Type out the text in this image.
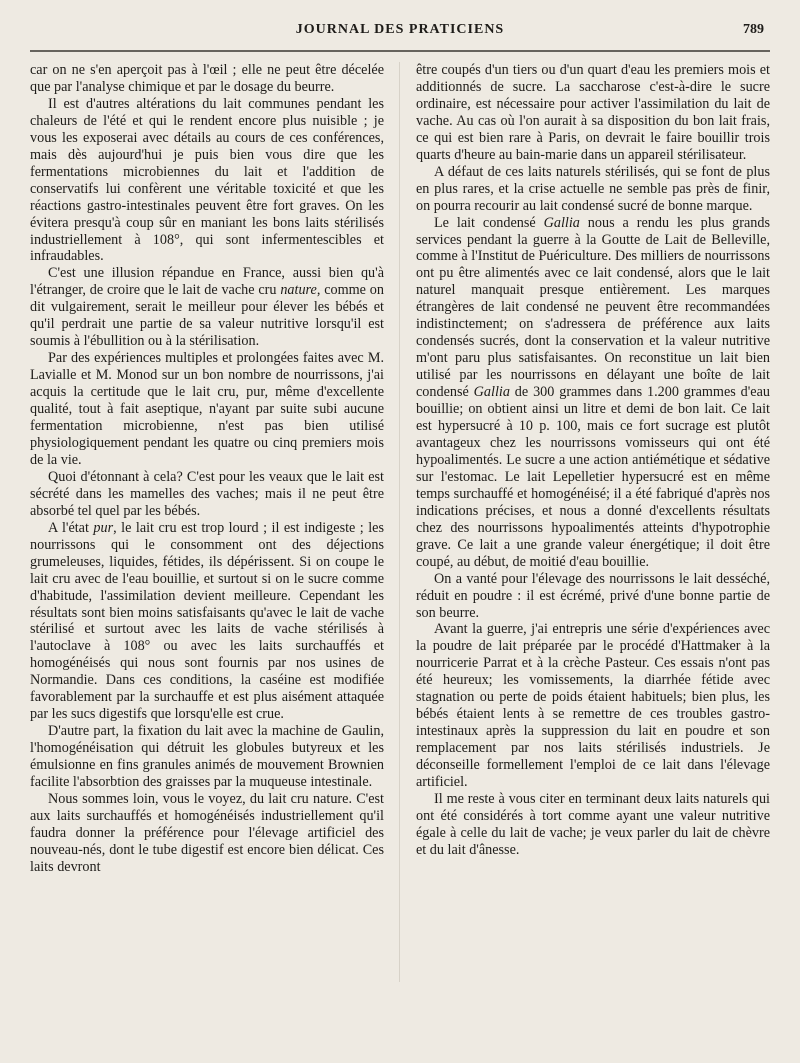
JOURNAL DES PRATICIENS	789

car on ne s'en aperçoit pas à l'œil ; elle ne peut être décelée que par l'analyse chimique et par le dosage du beurre.

Il est d'autres altérations du lait communes pendant les chaleurs de l'été et qui le rendent encore plus nuisible ; je vous les exposerai avec détails au cours de ces conférences, mais dès aujourd'hui je puis bien vous dire que les fermentations microbiennes du lait et l'addition de conservatifs lui confèrent une véritable toxicité et que les réactions gastro-intestinales peuvent être fort graves. On les évitera presqu'à coup sûr en maniant les bons laits stérilisés industriellement à 108°, qui sont infermentescibles et infraudables.

C'est une illusion répandue en France, aussi bien qu'à l'étranger, de croire que le lait de vache cru nature, comme on dit vulgairement, serait le meilleur pour élever les bébés et qu'il perdrait une partie de sa valeur nutritive lorsqu'il est soumis à l'ébullition ou à la stérilisation.

Par des expériences multiples et prolongées faites avec M. Lavialle et M. Monod sur un bon nombre de nourrissons, j'ai acquis la certitude que le lait cru, pur, même d'excellente qualité, tout à fait aseptique, n'ayant par suite subi aucune fermentation microbienne, n'est pas bien utilisé physiologiquement pendant les quatre ou cinq premiers mois de la vie.

Quoi d'étonnant à cela? C'est pour les veaux que le lait est sécrété dans les mamelles des vaches; mais il ne peut être absorbé tel quel par les bébés.

A l'état pur, le lait cru est trop lourd ; il est indigeste ; les nourrissons qui le consomment ont des déjections grumeleuses, liquides, fétides, ils dépérissent. Si on coupe le lait cru avec de l'eau bouillie, et surtout si on le sucre comme d'habitude, l'assimilation devient meilleure. Cependant les résultats sont bien moins satisfaisants qu'avec le lait de vache stérilisé et surtout avec les laits de vache stérilisés à l'autoclave à 108° ou avec les laits surchauffés et homogénéisés qui nous sont fournis par nos usines de Normandie. Dans ces conditions, la caséine est modifiée favorablement par la surchauffe et est plus aisément attaquée par les sucs digestifs que lorsqu'elle est crue.

D'autre part, la fixation du lait avec la machine de Gaulin, l'homogénéisation qui détruit les globules butyreux et les émulsionne en fins granules animés de mouvement Brownien facilite l'absorbtion des graisses par la muqueuse intestinale.

Nous sommes loin, vous le voyez, du lait cru nature. C'est aux laits surchauffés et homogénéisés industriellement qu'il faudra donner la préférence pour l'élevage artificiel des nouveau-nés, dont le tube digestif est encore bien délicat. Ces laits devront

être coupés d'un tiers ou d'un quart d'eau les premiers mois et additionnés de sucre. La saccharose c'est-à-dire le sucre ordinaire, est nécessaire pour activer l'assimilation du lait de vache. Au cas où l'on aurait à sa disposition du bon lait frais, ce qui est bien rare à Paris, on devrait le faire bouillir trois quarts d'heure au bain-marie dans un appareil stérilisateur.

A défaut de ces laits naturels stérilisés, qui se font de plus en plus rares, et la crise actuelle ne semble pas près de finir, on pourra recourir au lait condensé sucré de bonne marque.

Le lait condensé Gallia nous a rendu les plus grands services pendant la guerre à la Goutte de Lait de Belleville, comme à l'Institut de Puériculture. Des milliers de nourrissons ont pu être alimentés avec ce lait condensé, alors que le lait naturel manquait presque entièrement. Les marques étrangères de lait condensé ne peuvent être recommandées indistinctement; on s'adressera de préférence aux laits condensés sucrés, dont la conservation et la valeur nutritive m'ont paru plus satisfaisantes. On reconstitue un lait bien utilisé par les nourrissons en délayant une boîte de lait condensé Gallia de 300 grammes dans 1.200 grammes d'eau bouillie; on obtient ainsi un litre et demi de bon lait. Ce lait est hypersucré à 10 p. 100, mais ce fort sucrage est plutôt avantageux chez les nourrissons vomisseurs qui ont été hypoalimentés. Le sucre a une action antiémétique et sédative sur l'estomac. Le lait Lepelletier hypersucré est en même temps surchauffé et homogénéisé; il a été fabriqué d'après nos indications précises, et nous a donné d'excellents résultats chez des nourrissons hypoalimentés atteints d'hypotrophie grave. Ce lait a une grande valeur énergétique; il doit être coupé, au début, de moitié d'eau bouillie.

On a vanté pour l'élevage des nourrissons le lait desséché, réduit en poudre : il est écrémé, privé d'une bonne partie de son beurre.

Avant la guerre, j'ai entrepris une série d'expériences avec la poudre de lait préparée par le procédé d'Hattmaker à la nourricerie Parrat et à la crèche Pasteur. Ces essais n'ont pas été heureux; les vomissements, la diarrhée fétide avec stagnation ou perte de poids étaient habituels; bien plus, les bébés étaient lents à se remettre de ces troubles gastro-intestinaux après la suppression du lait en poudre et son remplacement par nos laits stérilisés industriels. Je déconseille formellement l'emploi de ce lait dans l'élevage artificiel.

Il me reste à vous citer en terminant deux laits naturels qui ont été considérés à tort comme ayant une valeur nutritive égale à celle du lait de vache; je veux parler du lait de chèvre et du lait d'ânesse.
